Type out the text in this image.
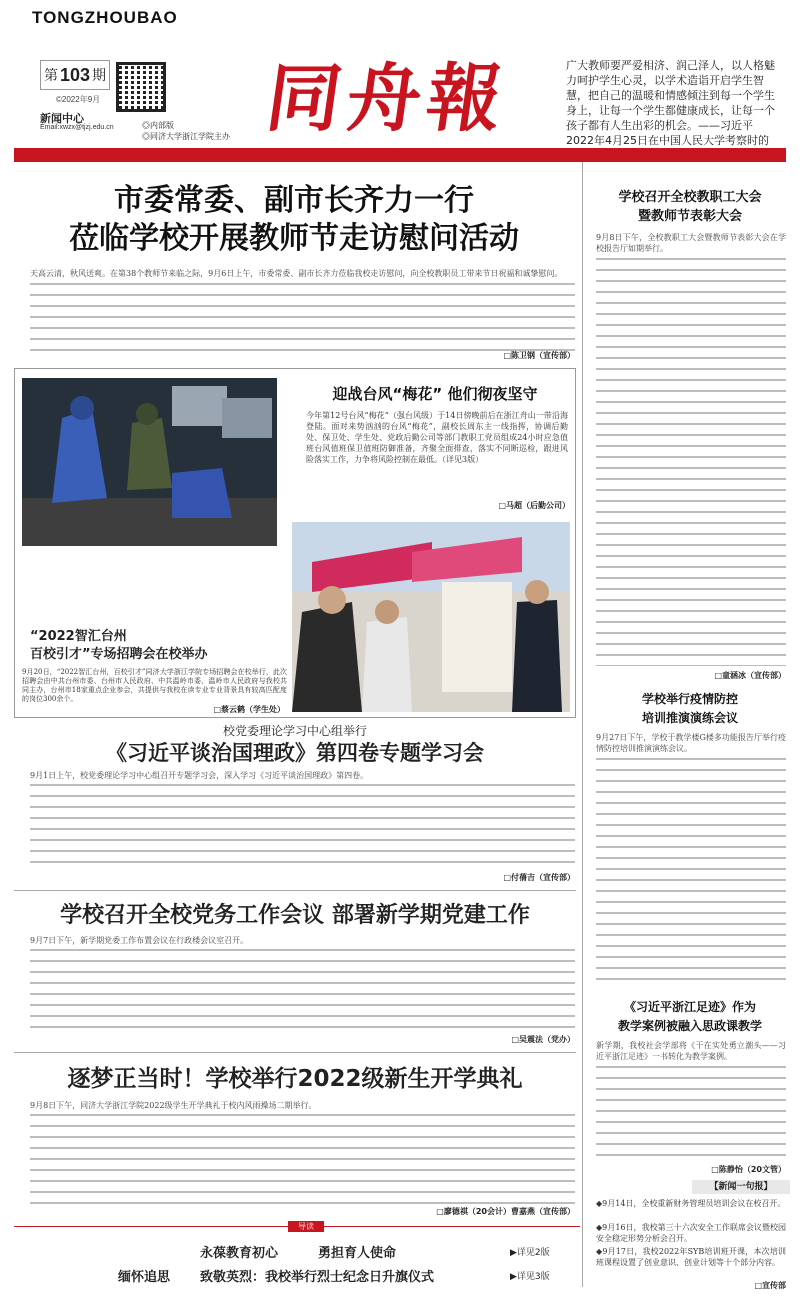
TONGZHOUBAO
第 103 期
©2022年9月
新闻中心
Email:xwzx@tjzj.edu.cn 同舟報
◎内部版
◎同济大学浙江学院主办
广大教师要严爱相济、润己泽人，以人格魅力呵护学生心灵，以学术造诣开启学生智慧，把自己的温暖和情感倾注到每一个学生身上，让每一个学生都健康成长，让每一个孩子都有人生出彩的机会。——习近平2022年4月25日在中国人民大学考察时的
市委常委、副市长齐力一行
莅临学校开展教师节走访慰问活动
天高云清，秋风送爽。在第38个教师节来临之际，9月6日上午，市委常委、副市长齐力莅临我校走访慰问，向全校教职员工带来节日祝福和诚挚慰问。
□陈卫钢（宣传部）
迎战台风“梅花” 他们彻夜坚守
今年第12号台风“梅花”（强台风级）于14日傍晚前后在浙江舟山一带沿海登陆。面对来势汹汹的台风“梅花”，副校长周东主一线指挥，协调后勤处、保卫处、学生处、党政后勤公司等部门教职工党员组成24小时应急值班台风值班保卫值班防御准备，齐聚全面排查，落实不同断巡检，跟进风险落实工作，力争将风险控制在最低。（详见3版）
□马超（后勤公司）
“2022智汇台州
百校引才”专场招聘会在校举办
9月20日，“2022智汇台州，百校引才”同济大学浙江学院专场招聘会在校举行，此次招聘会由中共台州市委、台州市人民政府、中共温岭市委、温岭市人民政府与我校共同主办，台州市18家重点企业参会，共提供与我校在读专业专业背景具有较高匹配度的岗位300余个。
□蔡云鹤（学生处）
校党委理论学习中心组举行
《习近平谈治国理政》第四卷专题学习会
9月1日上午，校党委理论学习中心组召开专题学习会，深入学习《习近平谈治国理政》第四卷。
□付蒨吉（宣传部）
学校召开全校党务工作会议 部署新学期党建工作
9月7日下午，新学期党委工作布置会议在行政楼会议室召开。
□吴震法（党办）
逐梦正当时！学校举行2022级新生开学典礼
9月8日下午，同济大学浙江学院2022级学生开学典礼于校内风雨操场二期举行。
□廖德祺（20会计）曹嘉燕（宣传部）
导读
永葆教育初心	勇担育人使命	▶详见2版
缅怀追思 致敬英烈：我校举行烈士纪念日升旗仪式	▶详见3版
学校召开全校教职工大会
暨教师节表彰大会
9月8日下午，全校教职工大会暨教师节表彰大会在学校报告厅如期举行。
□童涵冰（宣传部）
学校举行疫情防控
培训推演演练会议
9月27日下午，学校于教学楼G楼多功能报告厅举行疫情防控培训推演演练会议。
《习近平浙江足迹》作为
教学案例被融入思政课教学
新学期，我校社会学部将《干在实处勇立潮头——习近平浙江足迹》一书转化为教学案例。
□陈静怡（20文管）
【新闻一句报】
◆9月14日，全校重新财务管理员培训会议在校召开。
◆9月16日，我校第三十六次安全工作联席会议暨校园安全稳定形势分析会召开。
◆9月17日，我校2022年SYB培训班开课，本次培训班课程设置了创业意识、创业计划等十个部分内容。
□宣传部
